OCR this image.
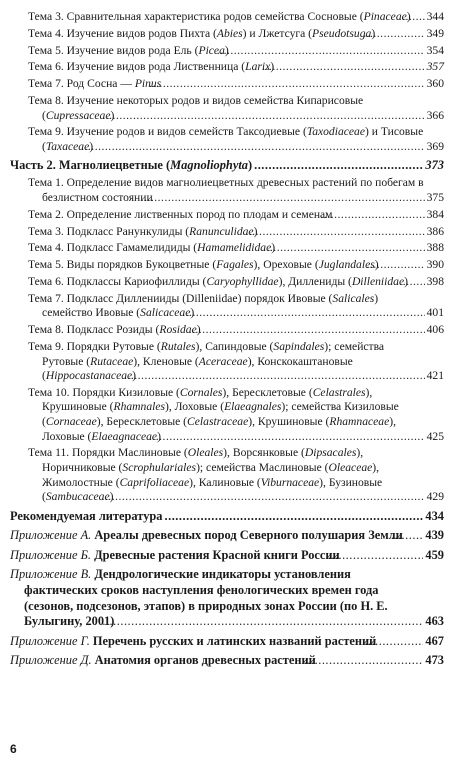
Тема 3. Сравнительная характеристика родов семейства Сосновые (Pinaceae) .....	344
Тема 4. Изучение видов родов Пихта (Abies) и Лжетсуга (Pseudotsuga) .....	349
Тема 5. Изучение видов рода Ель (Picea) .....	354
Тема 6. Изучение видов рода Лиственница (Larix) .....	357
Тема 7. Род Сосна — Pinus .....	360
Тема 8. Изучение некоторых родов и видов семейства Кипарисовые (Cupressaceae) .....	366
Тема 9. Изучение родов и видов семейств Таксодиевые (Taxodiaceae) и Тисовые (Taxaceae) .....	369
Часть 2. Магнолиецветные (Magnoliophyta) .....	373
Тема 1. Определение видов магнолиецветных древесных растений по побегам в безлистном состоянии .....	375
Тема 2. Определение лиственных пород по плодам и семенам .....	384
Тема 3. Подкласс Ранункулиды (Ranunculidae) .....	386
Тема 4. Подкласс Гамамелидиды (Hamamelididae) .....	388
Тема 5. Виды порядков Букоцветные (Fagales), Ореховые (Juglandales) .....	390
Тема 6. Подклассы Кариофиллиды (Caryophyllidae), Диллениды (Dilleniidae) .....	398
Тема 7. Подкласс Дилленииды (Dilleniidae) порядок Ивовые (Salicales) семейство Ивовые (Salicaceae) .....	401
Тема 8. Подкласс Розиды (Rosidae) .....	406
Тема 9. Порядки Рутовые (Rutales), Сапиндовые (Sapindales); семейства Рутовые (Rutaceae), Кленовые (Aceraceae), Конскокаштановые (Hippocastanaceae) .....	421
Тема 10. Порядки Кизиловые (Cornales), Бересклетовые (Celastrales), Крушиновые (Rhamnales), Лоховые (Elaeagnales); семейства Кизиловые (Cornaceae), Бересклетовые (Celastraceae), Крушиновые (Rhamnaceae), Лоховые (Elaeagnaceae) .....	425
Тема 11. Порядки Маслиновые (Oleales), Ворсянковые (Dipsacales), Норичниковые (Scrophulariales); семейства Маслиновые (Oleaceae), Жимолостные (Caprifoliaceae), Калиновые (Viburnaceae), Бузиновые (Sambucaceae) .....	429
Рекомендуемая литература .....	434
Приложение А. Ареалы древесных пород Северного полушария Земли .....	439
Приложение Б. Древесные растения Красной книги России .....	459
Приложение В. Дендрологические индикаторы установления фактических сроков наступления фенологических времен года (сезонов, подсезонов, этапов) в природных зонах России (по Н. Е. Булыгину, 2001) .....	463
Приложение Г. Перечень русских и латинских названий растений .....	467
Приложение Д. Анатомия органов древесных растений .....	473
6
